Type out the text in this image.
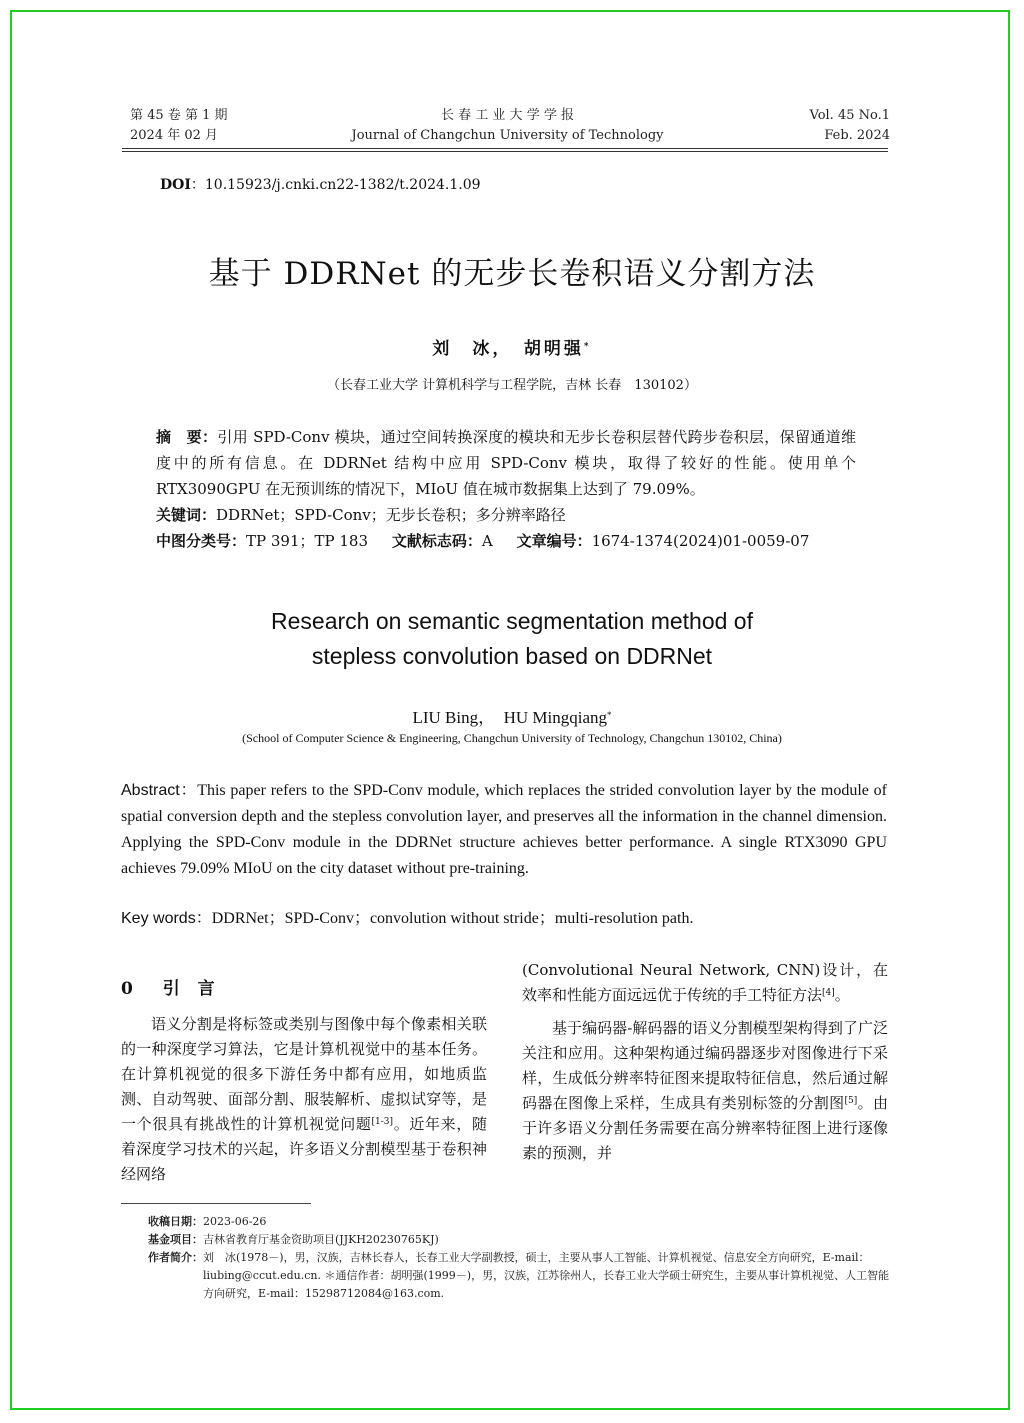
第 45 卷 第 1 期
2024 年 02 月
长 春 工 业 大 学 学 报
Journal of Changchun University of Technology
Vol. 45 No.1
Feb. 2024
DOI：10.15923/j.cnki.cn22-1382/t.2024.1.09
基于 DDRNet 的无步长卷积语义分割方法
刘　冰，　胡明强*
（长春工业大学 计算机科学与工程学院，吉林 长春　130102）
摘　要：引用 SPD-Conv 模块，通过空间转换深度的模块和无步长卷积层替代跨步卷积层，保留通道维度中的所有信息。在 DDRNet 结构中应用 SPD-Conv 模块，取得了较好的性能。使用单个 RTX3090GPU 在无预训练的情况下，MIoU 值在城市数据集上达到了 79.09%。
关键词：DDRNet；SPD-Conv；无步长卷积；多分辨率路径
中图分类号：TP 391；TP 183 文献标志码：A 文章编号：1674-1374(2024)01-0059-07
Research on semantic segmentation method of
stepless convolution based on DDRNet
LIU Bing，　HU Mingqiang*
(School of Computer Science & Engineering, Changchun University of Technology, Changchun 130102, China)
Abstract：This paper refers to the SPD-Conv module, which replaces the strided convolution layer by the module of spatial conversion depth and the stepless convolution layer, and preserves all the information in the channel dimension. Applying the SPD-Conv module in the DDRNet structure achieves better performance. A single RTX3090 GPU achieves 79.09% MIoU on the city dataset without pre-training.
Key words：DDRNet；SPD-Conv；convolution without stride；multi-resolution path.
0 引 言

语义分割是将标签或类别与图像中每个像素相关联的一种深度学习算法，它是计算机视觉中的基本任务。在计算机视觉的很多下游任务中都有应用，如地质监测、自动驾驶、面部分割、服装解析、虚拟试穿等，是一个很具有挑战性的计算机视觉问题[1-3]。近年来，随着深度学习技术的兴起，许多语义分割模型基于卷积神经网络

(Convolutional Neural Network, CNN)设计，在效率和性能方面远远优于传统的手工特征方法[4]。

基于编码器-解码器的语义分割模型架构得到了广泛关注和应用。这种架构通过编码器逐步对图像进行下采样，生成低分辨率特征图来提取特征信息，然后通过解码器在图像上采样，生成具有类别标签的分割图[5]。由于许多语义分割任务需要在高分辨率特征图上进行逐像素的预测，并

收稿日期： 2023-06-26
基金项目： 吉林省教育厅基金资助项目(JJKH20230765KJ)
作者简介： 刘　冰(1978－)，男，汉族，吉林长春人，长春工业大学副教授，硕士，主要从事人工智能、计算机视觉、信息安全方向研究，E-mail：liubing@ccut.edu.cn. ＊通信作者：胡明强(1999－)，男，汉族，江苏徐州人，长春工业大学硕士研究生，主要从事计算机视觉、人工智能方向研究，E-mail：15298712084@163.com.
